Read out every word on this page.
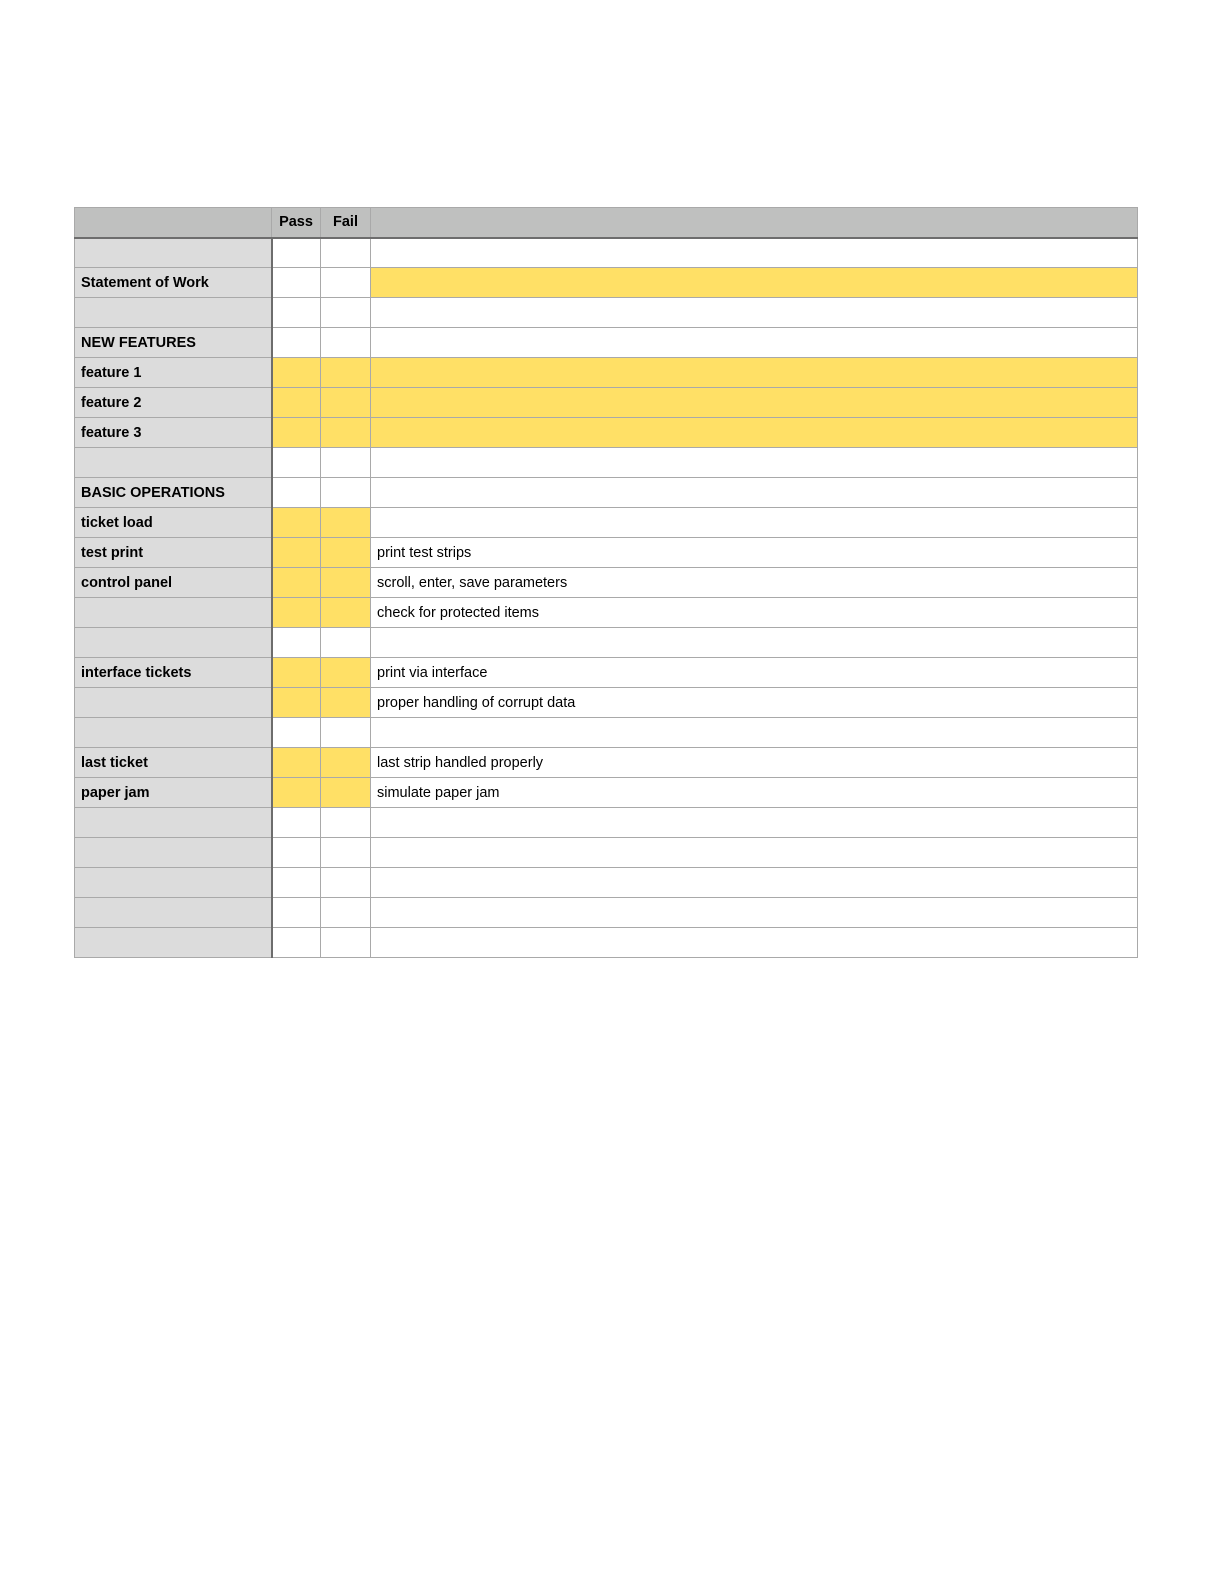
	Pass	Fail	

Statement of Work			

NEW FEATURES			
feature 1			
feature 2			
feature 3			

BASIC OPERATIONS			
ticket load			
test print			print test strips
control panel			scroll, enter, save parameters
			check for protected items

interface tickets			print via interface
			proper handling of corrupt data

last ticket			last strip handled properly
paper jam			simulate paper jam
